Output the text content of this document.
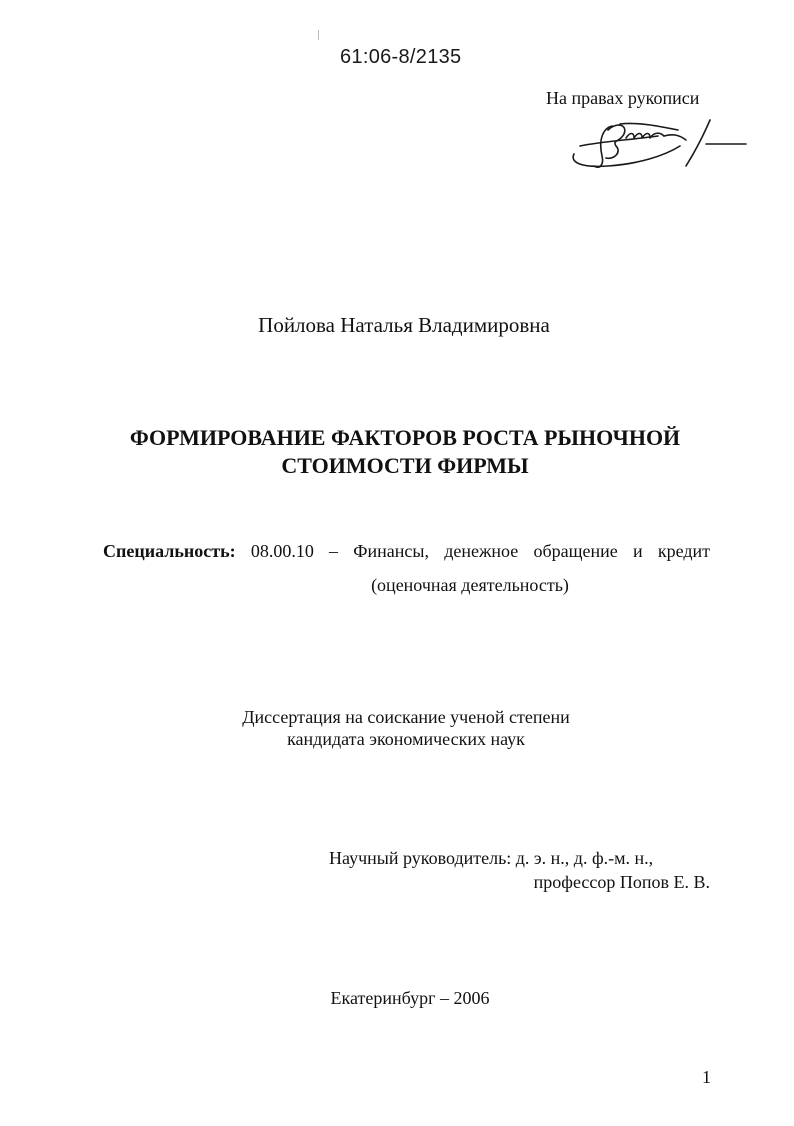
61:06-8/2135
На правах рукописи
Пойлова Наталья Владимировна
ФОРМИРОВАНИЕ ФАКТОРОВ РОСТА РЫНОЧНОЙ
СТОИМОСТИ ФИРМЫ
Специальность: 08.00.10 – Финансы, денежное обращение и кредит
(оценочная деятельность)
Диссертация на соискание ученой степени
кандидата экономических наук
Научный руководитель: д. э. н., д. ф.-м. н.,
профессор Попов Е. В.
Екатеринбург – 2006
1
